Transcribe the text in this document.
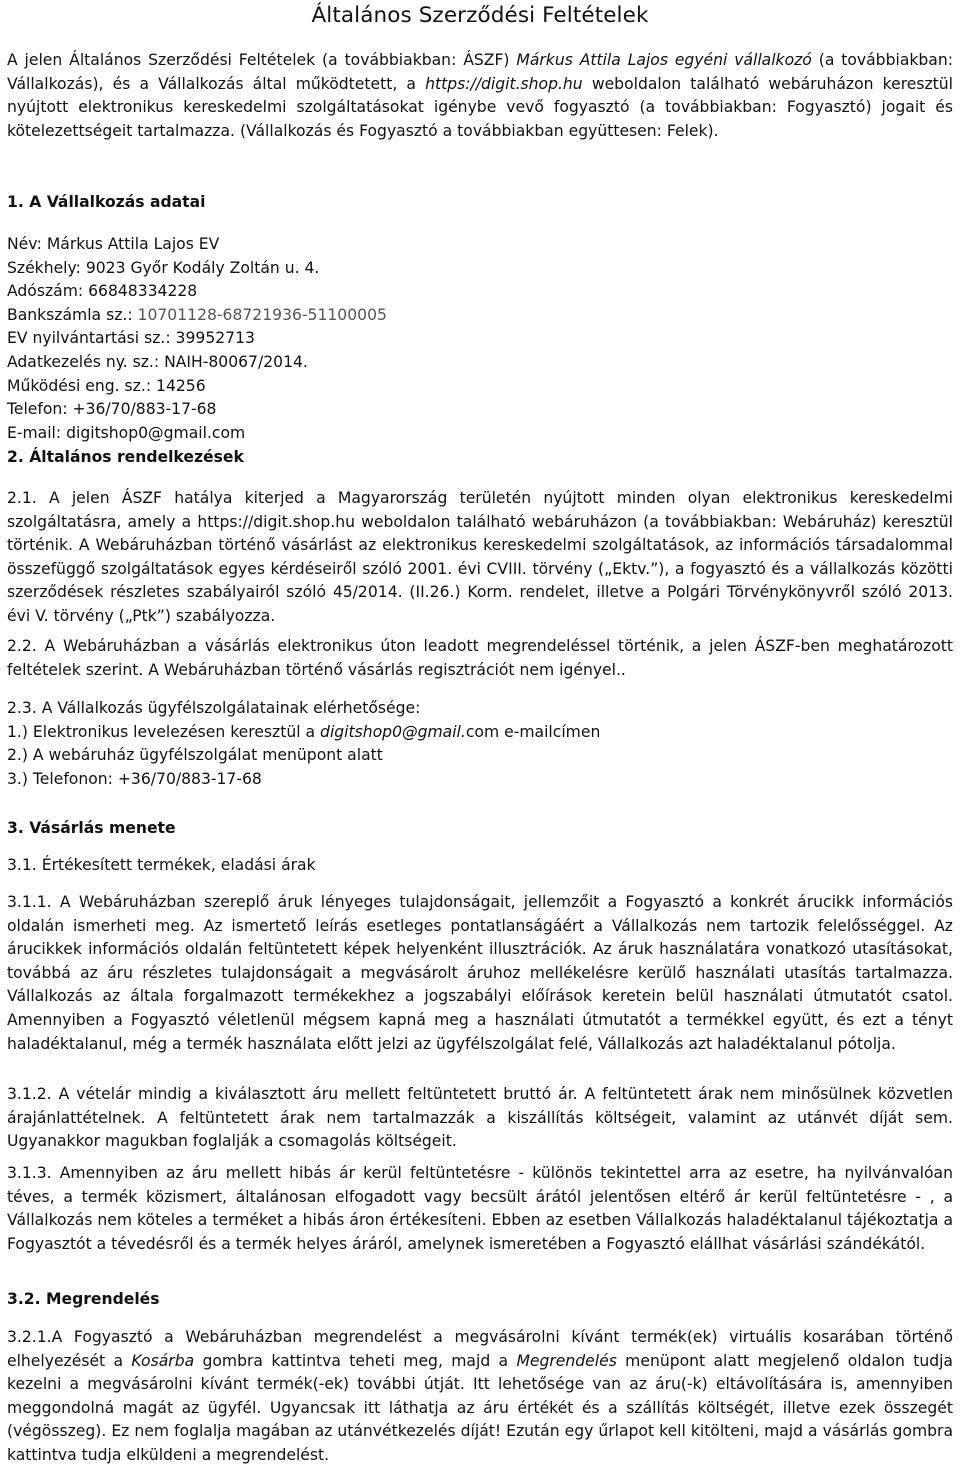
Általános Szerződési Feltételek

A jelen Általános Szerződési Feltételek (a továbbiakban: ÁSZF) Márkus Attila Lajos egyéni vállalkozó (a továbbiakban: Vállalkozás), és a Vállalkozás által működtetett, a https://digit.shop.hu weboldalon található webáruházon keresztül nyújtott elektronikus kereskedelmi szolgáltatásokat igénybe vevő fogyasztó (a továbbiakban: Fogyasztó) jogait és kötelezettségeit tartalmazza. (Vállalkozás és Fogyasztó a továbbiakban együttesen: Felek).

1. A Vállalkozás adatai

Név: Márkus Attila Lajos EV
Székhely: 9023 Győr Kodály Zoltán u. 4.
Adószám: 66848334228
Bankszámla sz.: 10701128-68721936-51100005
EV nyilvántartási sz.: 39952713
Adatkezelés ny. sz.: NAIH-80067/2014.
Működési eng. sz.: 14256
Telefon: +36/70/883-17-68
E-mail: digitshop0@gmail.com

2. Általános rendelkezések

2.1. A jelen ÁSZF hatálya kiterjed a Magyarország területén nyújtott minden olyan elektronikus kereskedelmi szolgáltatásra, amely a https://digit.shop.hu weboldalon található webáruházon (a továbbiakban: Webáruház) keresztül történik. A Webáruházban történő vásárlást az elektronikus kereskedelmi szolgáltatások, az információs társadalommal összefüggő szolgáltatások egyes kérdéseiről szóló 2001. évi CVIII. törvény („Ektv.”), a fogyasztó és a vállalkozás közötti szerződések részletes szabályairól szóló 45/2014. (II.26.) Korm. rendelet, illetve a Polgári Törvénykönyvről szóló 2013. évi V. törvény („Ptk”) szabályozza.

2.2. A Webáruházban a vásárlás elektronikus úton leadott megrendeléssel történik, a jelen ÁSZF-ben meghatározott feltételek szerint. A Webáruházban történő vásárlás regisztrációt nem igényel..

2.3. A Vállalkozás ügyfélszolgálatainak elérhetősége:
1.) Elektronikus levelezésen keresztül a digitshop0@gmail.com e-mailcímen
2.) A webáruház ügyfélszolgálat menüpont alatt
3.) Telefonon: +36/70/883-17-68

3. Vásárlás menete

3.1. Értékesített termékek, eladási árak

3.1.1. A Webáruházban szereplő áruk lényeges tulajdonságait, jellemzőit a Fogyasztó a konkrét árucikk információs oldalán ismerheti meg. Az ismertető leírás esetleges pontatlanságáért a Vállalkozás nem tartozik felelősséggel. Az árucikkek információs oldalán feltüntetett képek helyenként illusztrációk. Az áruk használatára vonatkozó utasításokat, továbbá az áru részletes tulajdonságait a megvásárolt áruhoz mellékelésre kerülő használati utasítás tartalmazza. Vállalkozás az általa forgalmazott termékekhez a jogszabályi előírások keretein belül használati útmutatót csatol. Amennyiben a Fogyasztó véletlenül mégsem kapná meg a használati útmutatót a termékkel együtt, és ezt a tényt haladéktalanul, még a termék használata előtt jelzi az ügyfélszolgálat felé, Vállalkozás azt haladéktalanul pótolja.

3.1.2. A vételár mindig a kiválasztott áru mellett feltüntetett bruttó ár. A feltüntetett árak nem minősülnek közvetlen árajánlattételnek. A feltüntetett árak nem tartalmazzák a kiszállítás költségeit, valamint az utánvét díját sem. Ugyanakkor magukban foglalják a csomagolás költségeit.

3.1.3. Amennyiben az áru mellett hibás ár kerül feltüntetésre - különös tekintettel arra az esetre, ha nyilvánvalóan téves, a termék közismert, általánosan elfogadott vagy becsült árától jelentősen eltérő ár kerül feltüntetésre - , a Vállalkozás nem köteles a terméket a hibás áron értékesíteni. Ebben az esetben Vállalkozás haladéktalanul tájékoztatja a Fogyasztót a tévedésről és a termék helyes áráról, amelynek ismeretében a Fogyasztó elállhat vásárlási szándékától.

3.2. Megrendelés

3.2.1.A Fogyasztó a Webáruházban megrendelést a megvásárolni kívánt termék(ek) virtuális kosarában történő elhelyezését a Kosárba gombra kattintva teheti meg, majd a Megrendelés menüpont alatt megjelenő oldalon tudja kezelni a megvásárolni kívánt termék(-ek) további útját. Itt lehetősége van az áru(-k) eltávolítására is, amennyiben meggondolná magát az ügyfél. Ugyancsak itt láthatja az áru értékét és a szállítás költségét, illetve ezek összegét (végösszeg). Ez nem foglalja magában az utánvétkezelés díját! Ezután egy űrlapot kell kitölteni, majd a vásárlás gombra kattintva tudja elküldeni a megrendelést.
